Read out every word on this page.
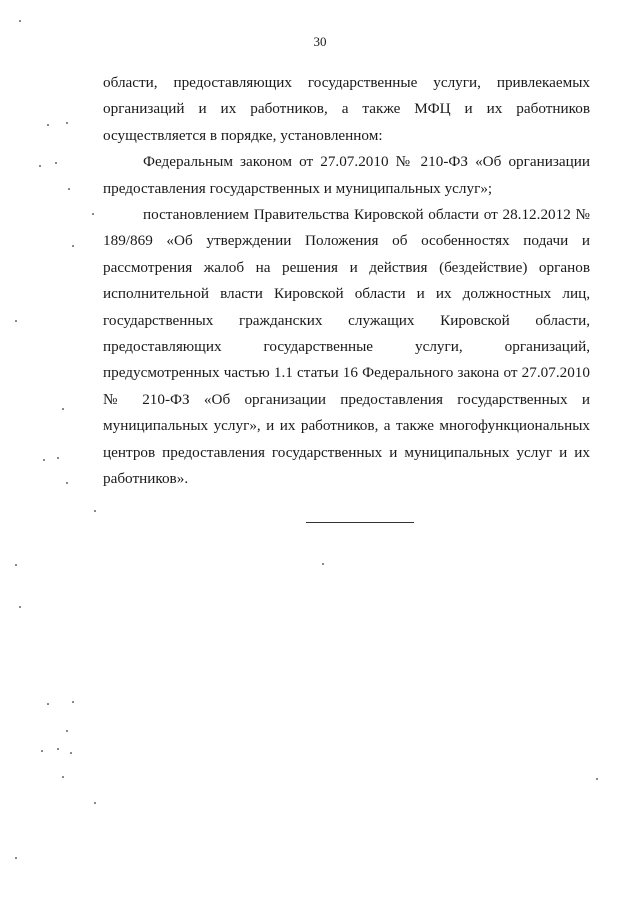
30

области, предоставляющих государственные услуги, привлекаемых организаций и их работников, а также МФЦ и их работников осуществляется в порядке, установленном:

Федеральным законом от 27.07.2010 № 210-ФЗ «Об организации предоставления государственных и муниципальных услуг»;

постановлением Правительства Кировской области от 28.12.2012 № 189/869 «Об утверждении Положения об особенностях подачи и рассмотрения жалоб на решения и действия (бездействие) органов исполнительной власти Кировской области и их должностных лиц, государственных гражданских служащих Кировской области, предоставляющих государственные услуги, организаций, предусмотренных частью 1.1 статьи 16 Федерального закона от 27.07.2010 № 210-ФЗ «Об организации предоставления государственных и муниципальных услуг», и их работников, а также многофункциональных центров предоставления государственных и муниципальных услуг и их работников».
